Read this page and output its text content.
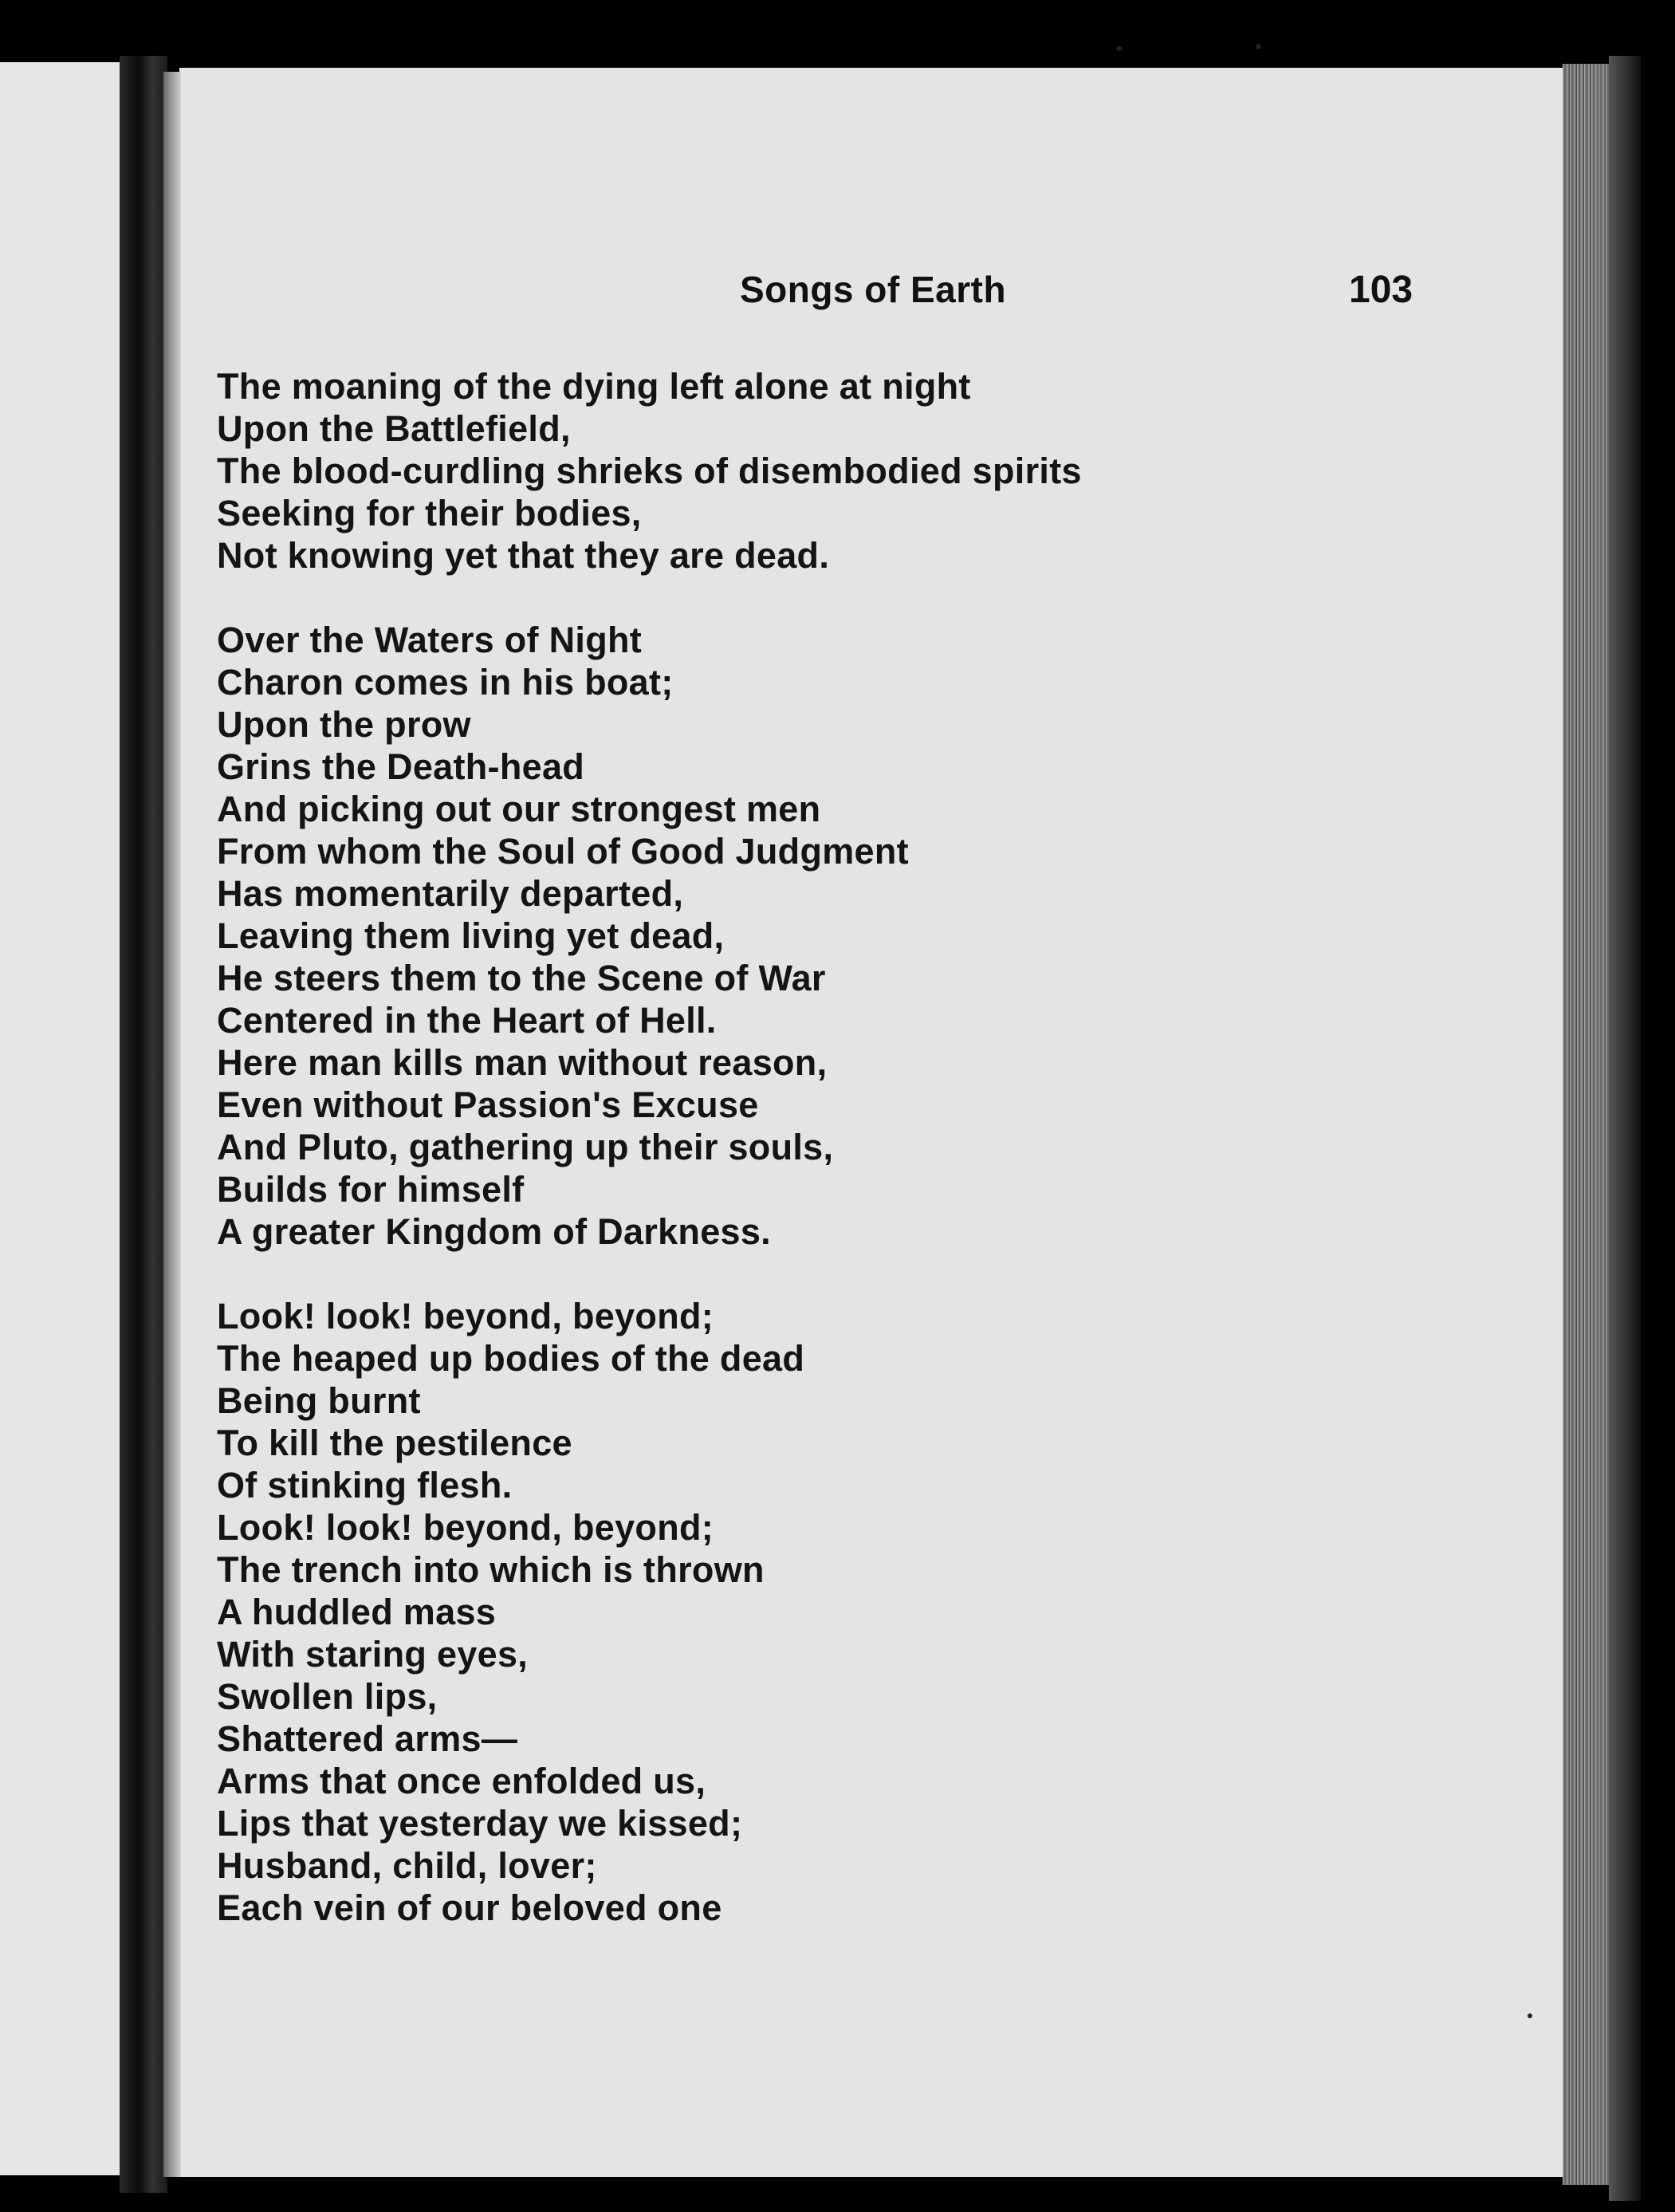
Songs of Earth	103
The moaning of the dying left alone at night
Upon the Battlefield,
The blood-curdling shrieks of disembodied spirits
Seeking for their bodies,
Not knowing yet that they are dead.
Over the Waters of Night
Charon comes in his boat;
Upon the prow
Grins the Death-head
And picking out our strongest men
From whom the Soul of Good Judgment
Has momentarily departed,
Leaving them living yet dead,
He steers them to the Scene of War
Centered in the Heart of Hell.
Here man kills man without reason,
Even without Passion's Excuse
And Pluto, gathering up their souls,
Builds for himself
A greater Kingdom of Darkness.
Look! look! beyond, beyond;
The heaped up bodies of the dead
Being burnt
To kill the pestilence
Of stinking flesh.
Look! look! beyond, beyond;
The trench into which is thrown
A huddled mass
With staring eyes,
Swollen lips,
Shattered arms—
Arms that once enfolded us,
Lips that yesterday we kissed;
Husband, child, lover;
Each vein of our beloved one
